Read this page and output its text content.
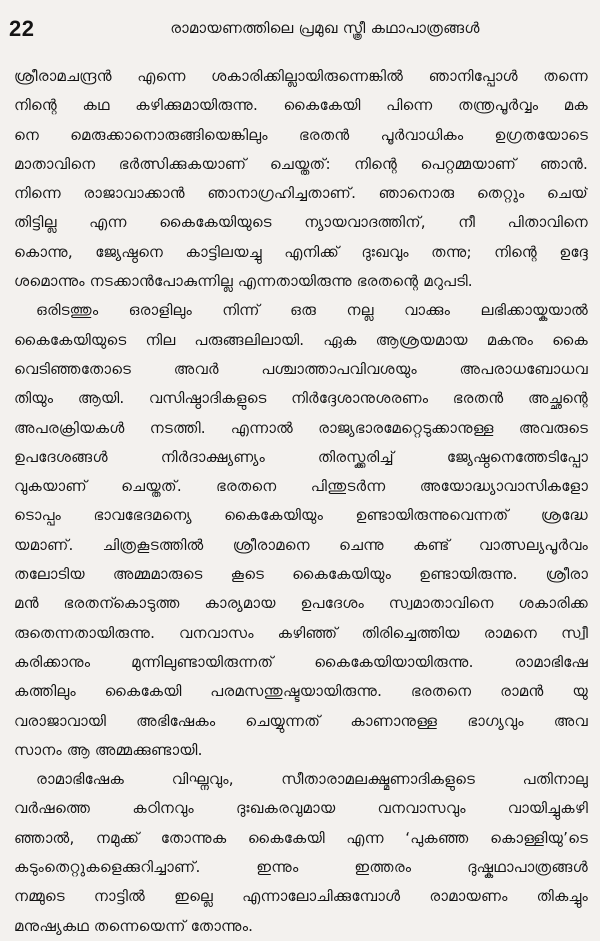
22	രാമായണത്തിലെ പ്രമുഖ സ്ത്രീ കഥാപാത്രങ്ങൾ

ശ്രീരാമചന്ദ്രൻ എന്നെ ശകാരിക്കില്ലായിരുന്നെങ്കിൽ ഞാനിപ്പോൾ തന്നെ
നിന്റെ കഥ കഴിക്കുമായിരുന്നു. കൈകേയി പിന്നെ തന്ത്രപൂർവ്വം മക
നെ മെരുക്കാനൊരുങ്ങിയെങ്കിലും ഭരതൻ പൂർവാധികം ഉഗ്രതയോടെ
മാതാവിനെ ഭർത്സിക്കുകയാണ് ചെയ്തത്: നിന്റെ പെറ്റമ്മയാണ് ഞാൻ.
നിന്നെ രാജാവാക്കാൻ ഞാനാഗ്രഹിച്ചതാണ്. ഞാനൊരു തെറ്റും ചെയ്
തിട്ടില്ല എന്ന കൈകേയിയുടെ ന്യായവാദത്തിന്, നീ പിതാവിനെ
കൊന്നു, ജ്യേഷ്ഠനെ കാട്ടിലയച്ചു എനിക്ക് ദുഃഖവും തന്നു; നിന്റെ ഉദ്ദേ
ശമൊന്നും നടക്കാൻപോകുന്നില്ല എന്നതായിരുന്നു ഭരതന്റെ മറുപടി.

ഒരിടത്തും ഒരാളിലും നിന്ന് ഒരു നല്ല വാക്കും ലഭിക്കായ്കയാൽ
കൈകേയിയുടെ നില പരുങ്ങലിലായി. ഏക ആശ്രയമായ മകനും കൈ
വെടിഞ്ഞതോടെ അവർ പശ്ചാത്താപവിവശയും അപരാധബോധവ
തിയും ആയി. വസിഷ്ഠാദികളുടെ നിർദ്ദേശാനുശരണം ഭരതൻ അച്ഛന്റെ
അപരക്രിയകൾ നടത്തി. എന്നാൽ രാജ്യഭാരമേറ്റെടുക്കാനുള്ള അവരുടെ
ഉപദേശങ്ങൾ നിർദാക്ഷ്യണ്യം തിരസ്ക്കരിച്ച് ജ്യേഷ്ഠനെത്തേടിപ്പോ
വുകയാണ് ചെയ്തത്. ഭരതനെ പിന്തുടർന്ന അയോദ്ധ്യാവാസികളോ
ടൊപ്പം ഭാവഭേദമന്യെ കൈകേയിയും ഉണ്ടായിരുന്നുവെന്നത് ശ്രദ്ധേ
യമാണ്. ചിത്രകൂടത്തിൽ ശ്രീരാമനെ ചെന്നു കണ്ട് വാത്സല്യപൂർവം
തലോടിയ അമ്മമാരുടെ കൂടെ കൈകേയിയും ഉണ്ടായിരുന്നു. ശ്രീരാ
മൻ ഭരതന്കൊടുത്ത കാര്യമായ ഉപദേശം സ്വമാതാവിനെ ശകാരിക്ക
രുതെന്നതായിരുന്നു. വനവാസം കഴിഞ്ഞ് തിരിച്ചെത്തിയ രാമനെ സ്വീ
കരിക്കാനും മുന്നിലുണ്ടായിരുന്നത് കൈകേയിയായിരുന്നു. രാമാഭിഷേ
കത്തിലും കൈകേയി പരമസന്തുഷ്ടയായിരുന്നു. ഭരതനെ രാമൻ യു
വരാജാവായി അഭിഷേകം ചെയ്യുന്നത് കാണാനുള്ള ഭാഗ്യവും അവ
സാനം ആ അമ്മക്കുണ്ടായി.

രാമാഭിഷേക വിഘ്നവും, സീതാരാമലക്ഷ്മണാദികളുടെ പതിനാലു
വർഷത്തെ കഠിനവും ദുഃഖകരവുമായ വനവാസവും വായിച്ചുകഴി
ഞ്ഞാൽ, നമുക്ക് തോന്നുക കൈകേയി എന്ന ‘പുകഞ്ഞ കൊള്ളിയു’ടെ
കടുംതെറ്റുകളെക്കുറിച്ചാണ്. ഇന്നും ഇത്തരം ദുഷ്കഥാപാത്രങ്ങൾ
നമ്മുടെ നാട്ടിൽ ഇല്ലെ എന്നാലോചിക്കുമ്പോൾ രാമായണം തികച്ചും
മനുഷ്യകഥ തന്നെയെന്ന് തോന്നും.
